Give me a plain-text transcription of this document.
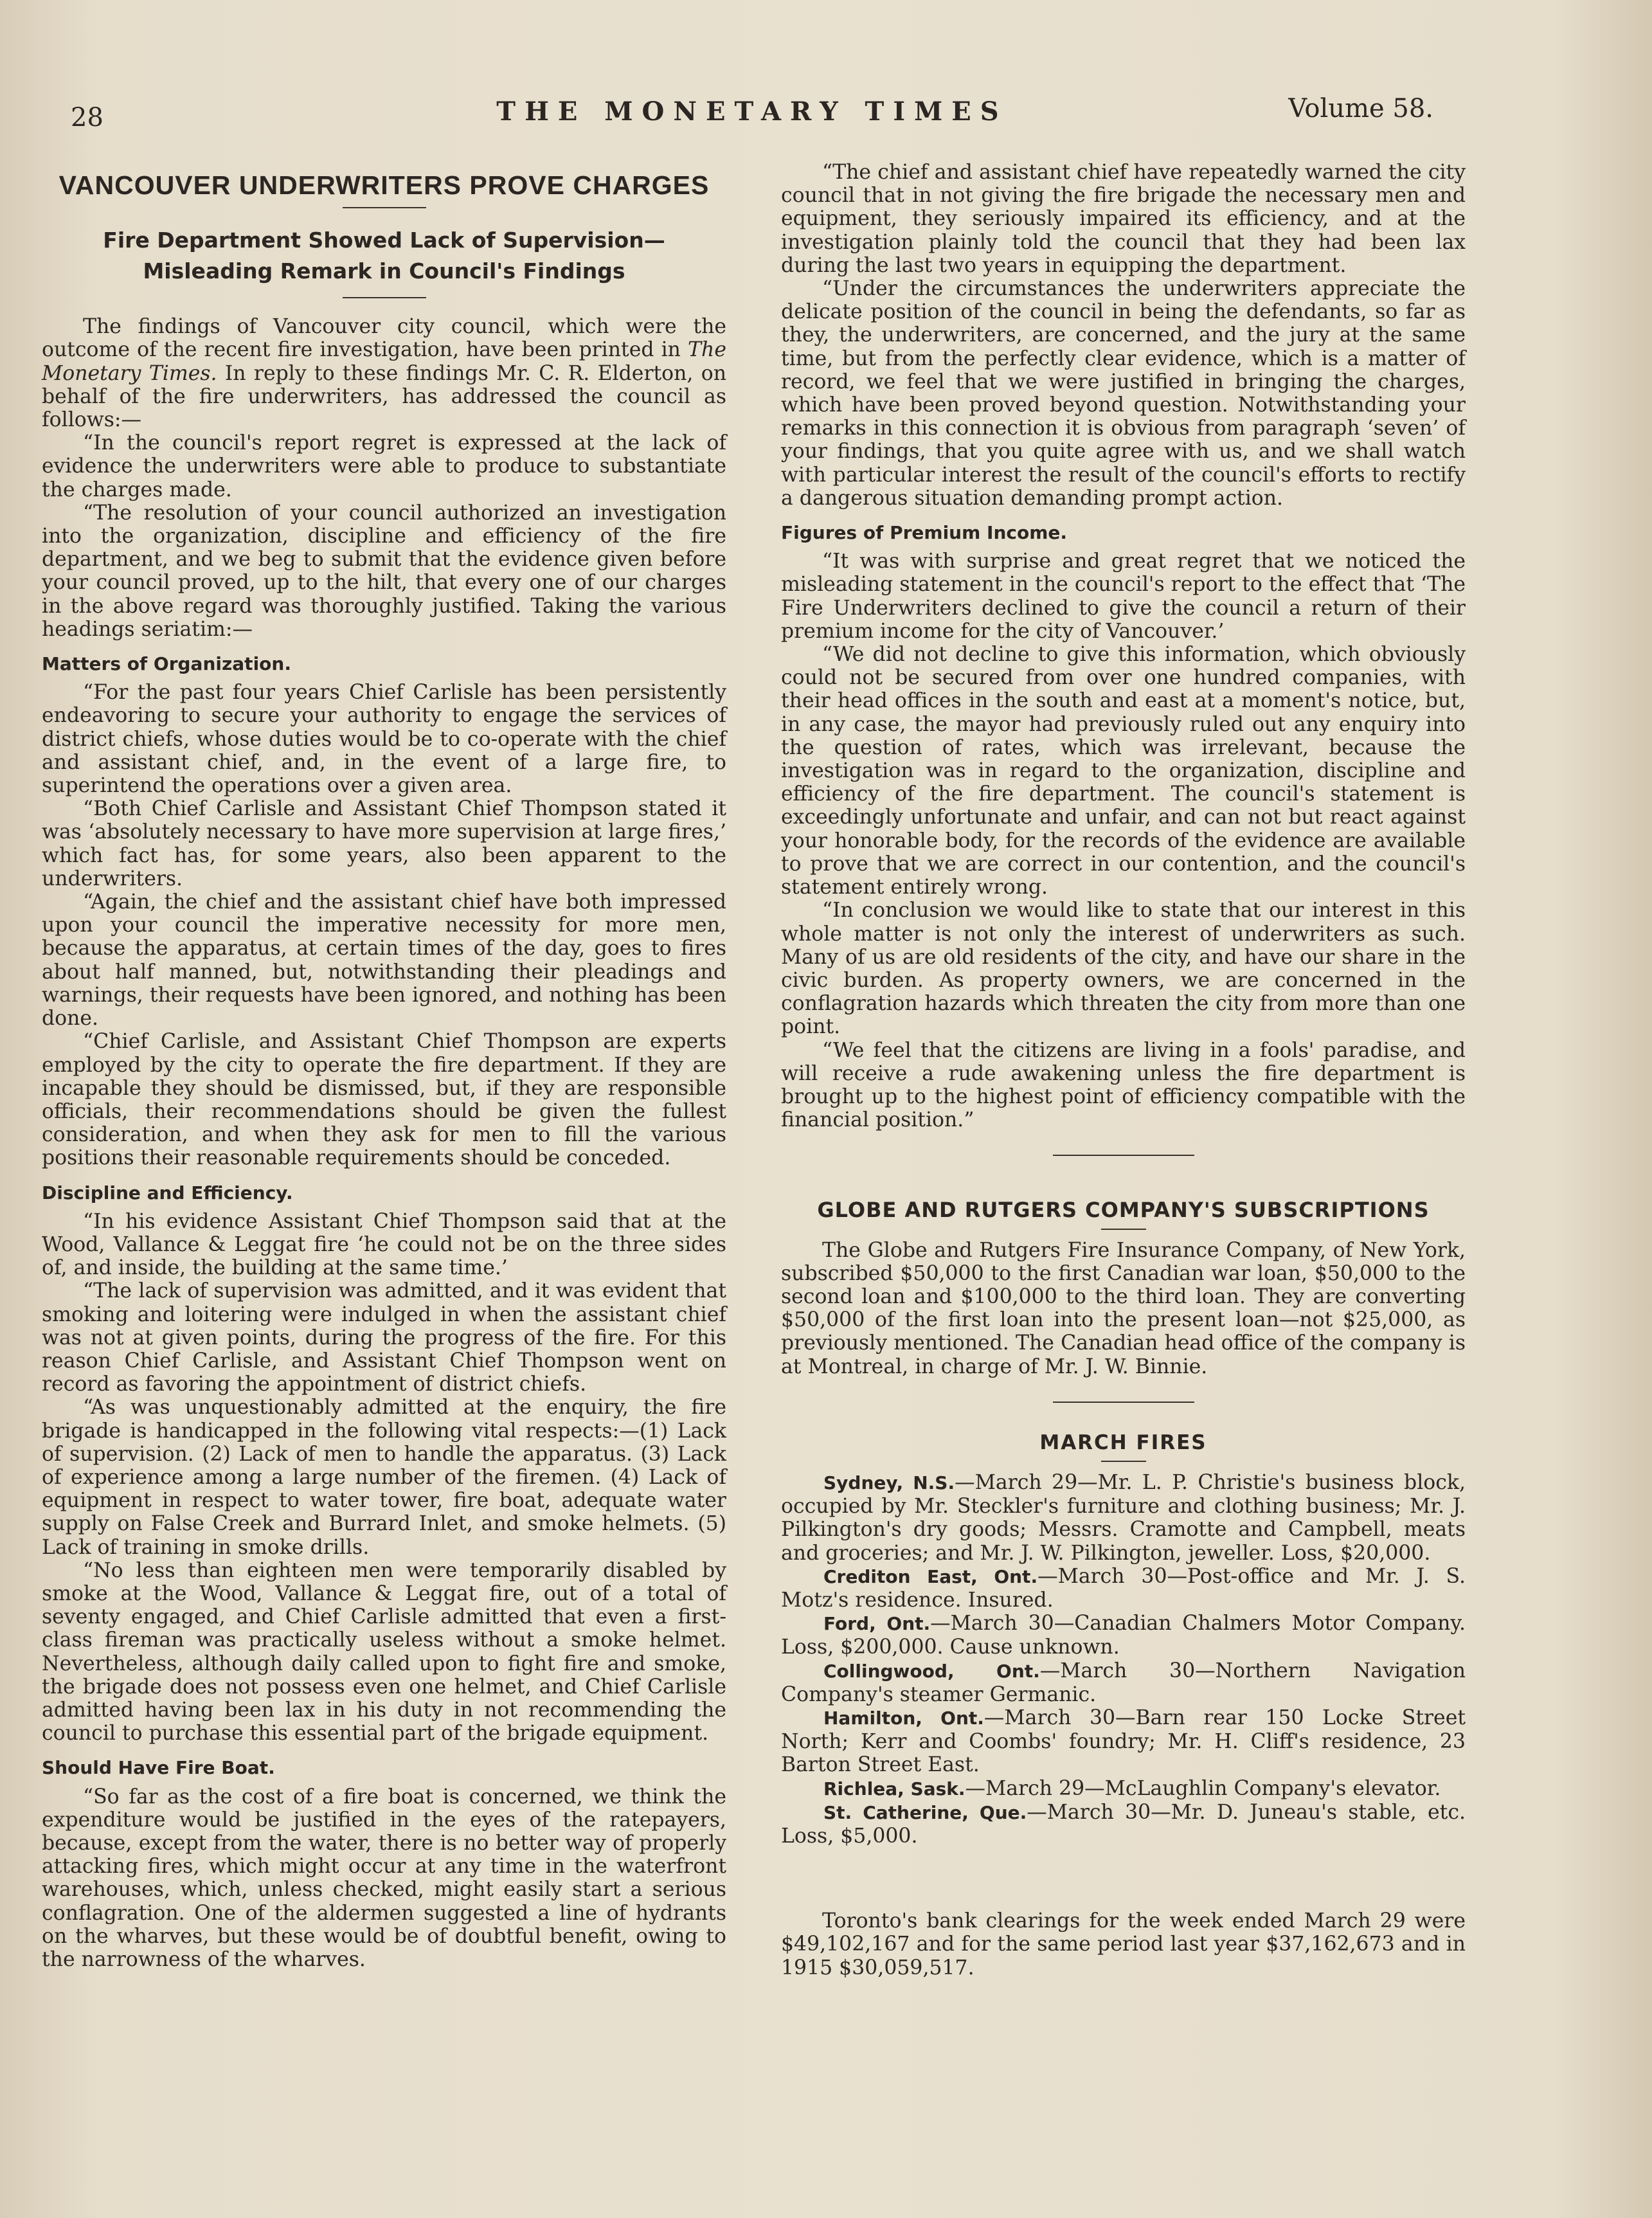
28	THE MONETARY TIMES	Volume 58.
VANCOUVER UNDERWRITERS PROVE CHARGES
Fire Department Showed Lack of Supervision—Misleading Remark in Council's Findings

The findings of Vancouver city council, which were the outcome of the recent fire investigation, have been printed in The Monetary Times. In reply to these findings Mr. C. R. Elderton, on behalf of the fire underwriters, has addressed the council as follows:—

“In the council's report regret is expressed at the lack of evidence the underwriters were able to produce to substantiate the charges made.

“The resolution of your council authorized an investigation into the organization, discipline and efficiency of the fire department, and we beg to submit that the evidence given before your council proved, up to the hilt, that every one of our charges in the above regard was thoroughly justified. Taking the various headings seriatim:—

Matters of Organization.

“For the past four years Chief Carlisle has been persistently endeavoring to secure your authority to engage the services of district chiefs, whose duties would be to co-operate with the chief and assistant chief, and, in the event of a large fire, to superintend the operations over a given area.

“Both Chief Carlisle and Assistant Chief Thompson stated it was ‘absolutely necessary to have more supervision at large fires,’ which fact has, for some years, also been apparent to the underwriters.

“Again, the chief and the assistant chief have both impressed upon your council the imperative necessity for more men, because the apparatus, at certain times of the day, goes to fires about half manned, but, notwithstanding their pleadings and warnings, their requests have been ignored, and nothing has been done.

“Chief Carlisle, and Assistant Chief Thompson are experts employed by the city to operate the fire department. If they are incapable they should be dismissed, but, if they are responsible officials, their recommendations should be given the fullest consideration, and when they ask for men to fill the various positions their reasonable requirements should be conceded.

Discipline and Efficiency.

“In his evidence Assistant Chief Thompson said that at the Wood, Vallance & Leggat fire ‘he could not be on the three sides of, and inside, the building at the same time.’

“The lack of supervision was admitted, and it was evident that smoking and loitering were indulged in when the assistant chief was not at given points, during the progress of the fire. For this reason Chief Carlisle, and Assistant Chief Thompson went on record as favoring the appointment of district chiefs.

“As was unquestionably admitted at the enquiry, the fire brigade is handicapped in the following vital respects:—(1) Lack of supervision. (2) Lack of men to handle the apparatus. (3) Lack of experience among a large number of the firemen. (4) Lack of equipment in respect to water tower, fire boat, adequate water supply on False Creek and Burrard Inlet, and smoke helmets. (5) Lack of training in smoke drills.

“No less than eighteen men were temporarily disabled by smoke at the Wood, Vallance & Leggat fire, out of a total of seventy engaged, and Chief Carlisle admitted that even a first-class fireman was practically useless without a smoke helmet. Nevertheless, although daily called upon to fight fire and smoke, the brigade does not possess even one helmet, and Chief Carlisle admitted having been lax in his duty in not recommending the council to purchase this essential part of the brigade equipment.

Should Have Fire Boat.

“So far as the cost of a fire boat is concerned, we think the expenditure would be justified in the eyes of the ratepayers, because, except from the water, there is no better way of properly attacking fires, which might occur at any time in the waterfront warehouses, which, unless checked, might easily start a serious conflagration. One of the aldermen suggested a line of hydrants on the wharves, but these would be of doubtful benefit, owing to the narrowness of the wharves.

“The chief and assistant chief have repeatedly warned the city council that in not giving the fire brigade the necessary men and equipment, they seriously impaired its efficiency, and at the investigation plainly told the council that they had been lax during the last two years in equipping the department.

“Under the circumstances the underwriters appreciate the delicate position of the council in being the defendants, so far as they, the underwriters, are concerned, and the jury at the same time, but from the perfectly clear evidence, which is a matter of record, we feel that we were justified in bringing the charges, which have been proved beyond question. Notwithstanding your remarks in this connection it is obvious from paragraph ‘seven’ of your findings, that you quite agree with us, and we shall watch with particular interest the result of the council's efforts to rectify a dangerous situation demanding prompt action.

Figures of Premium Income.

“It was with surprise and great regret that we noticed the misleading statement in the council's report to the effect that ‘The Fire Underwriters declined to give the council a return of their premium income for the city of Vancouver.’

“We did not decline to give this information, which obviously could not be secured from over one hundred companies, with their head offices in the south and east at a moment's notice, but, in any case, the mayor had previously ruled out any enquiry into the question of rates, which was irrelevant, because the investigation was in regard to the organization, discipline and efficiency of the fire department. The council's statement is exceedingly unfortunate and unfair, and can not but react against your honorable body, for the records of the evidence are available to prove that we are correct in our contention, and the council's statement entirely wrong.

“In conclusion we would like to state that our interest in this whole matter is not only the interest of underwriters as such. Many of us are old residents of the city, and have our share in the civic burden. As property owners, we are concerned in the conflagration hazards which threaten the city from more than one point.

“We feel that the citizens are living in a fools' paradise, and will receive a rude awakening unless the fire department is brought up to the highest point of efficiency compatible with the financial position.”

GLOBE AND RUTGERS COMPANY'S SUBSCRIPTIONS

The Globe and Rutgers Fire Insurance Company, of New York, subscribed $50,000 to the first Canadian war loan, $50,000 to the second loan and $100,000 to the third loan. They are converting $50,000 of the first loan into the present loan—not $25,000, as previously mentioned. The Canadian head office of the company is at Montreal, in charge of Mr. J. W. Binnie.

MARCH FIRES

Sydney, N.S.—March 29—Mr. L. P. Christie's business block, occupied by Mr. Steckler's furniture and clothing business; Mr. J. Pilkington's dry goods; Messrs. Cramotte and Campbell, meats and groceries; and Mr. J. W. Pilkington, jeweller. Loss, $20,000.

Crediton East, Ont.—March 30—Post-office and Mr. J. S. Motz's residence. Insured.

Ford, Ont.—March 30—Canadian Chalmers Motor Company. Loss, $200,000. Cause unknown.

Collingwood, Ont.—March 30—Northern Navigation Company's steamer Germanic.

Hamilton, Ont.—March 30—Barn rear 150 Locke Street North; Kerr and Coombs' foundry; Mr. H. Cliff's residence, 23 Barton Street East.

Richlea, Sask.—March 29—McLaughlin Company's elevator.

St. Catherine, Que.—March 30—Mr. D. Juneau's stable, etc. Loss, $5,000.

Toronto's bank clearings for the week ended March 29 were $49,102,167 and for the same period last year $37,162,673 and in 1915 $30,059,517.
